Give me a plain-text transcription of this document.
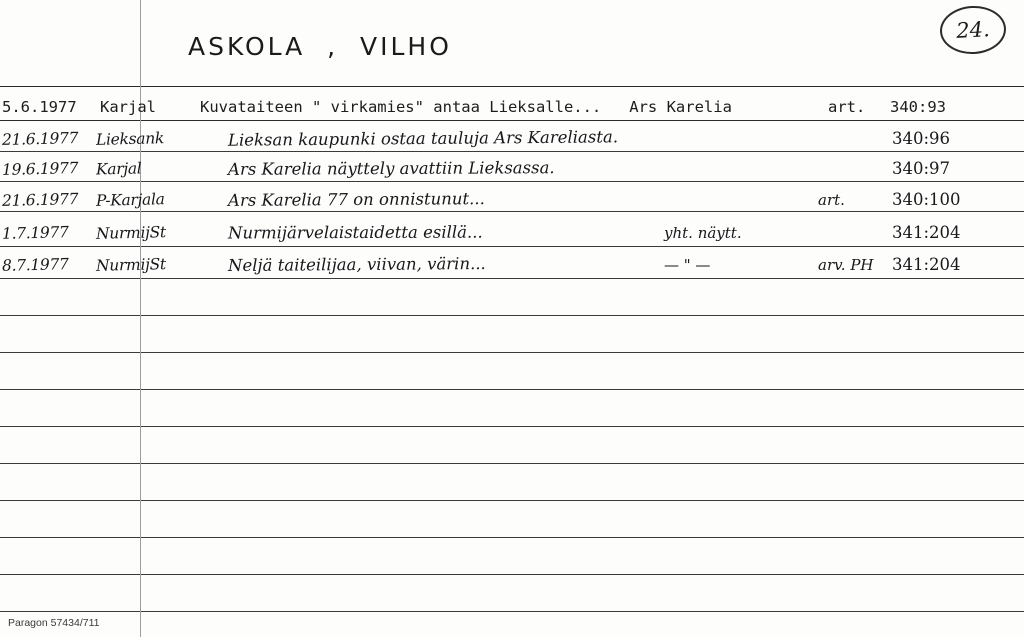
ASKOLA  ,  VILHO
24.
5.6.1977 Karjal	Kuvataiteen " virkamies" antaa Lieksalle...   Ars Karelia	art. 340:93
21.6.1977 Lieksank	Lieksan kaupunki ostaa tauluja Ars Kareliasta.	340:96
19.6.1977 Karjal	Ars Karelia näyttely avattiin Lieksassa.	340:97
21.6.1977 P-Karjala	Ars Karelia 77 on onnistunut...	art.	340:100
1.7.1977 NurmijSt	Nurmijärvelaistaidetta esillä...	yht. näytt.	341:204
8.7.1977 NurmijSt	Neljä taiteilijaa, viivan, värin...	— " —	arv. PH 341:204
Paragon 57434/711
